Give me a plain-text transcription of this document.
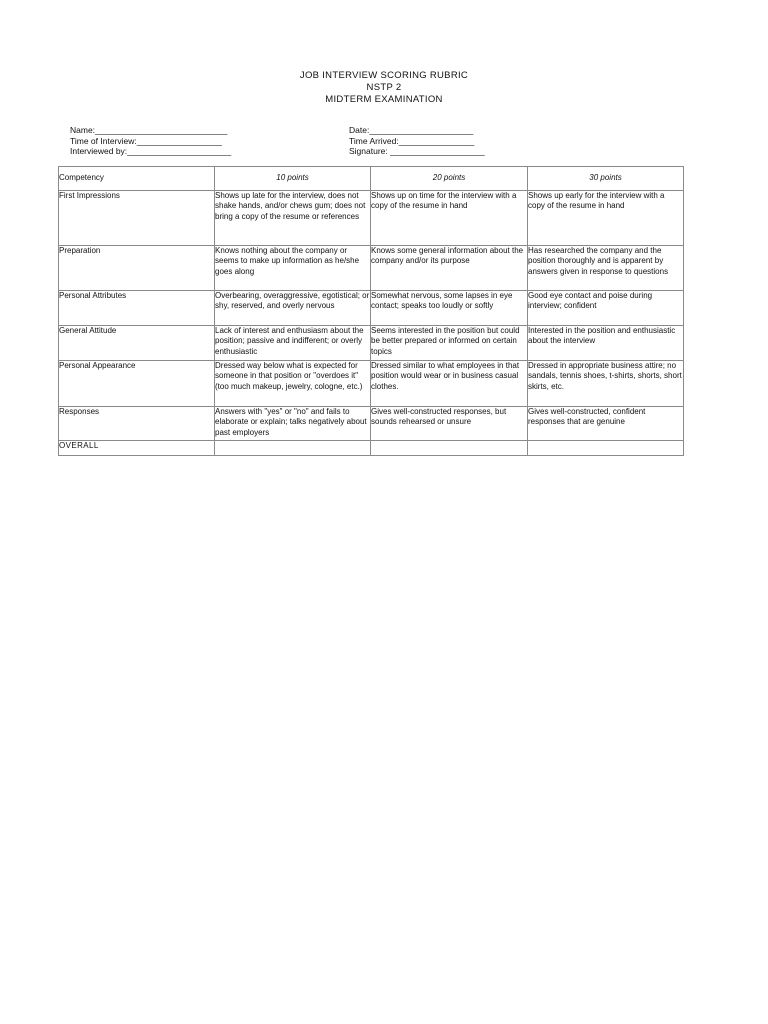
JOB INTERVIEW SCORING RUBRIC
NSTP 2
MIDTERM EXAMINATION
Name:____________________________
Time of Interview:__________________
Interviewed by:______________________
Date:______________________
Time Arrived:________________
Signature: ____________________
Competency	10 points	20 points	30 points
First Impressions	Shows up late for the interview, does not shake hands, and/or chews gum; does not bring a copy of the resume or references	Shows up on time for the interview with a copy of the resume in hand	Shows up early for the interview with a copy of the resume in hand
Preparation	Knows nothing about the company or seems to make up information as he/she goes along	Knows some general information about the company and/or its purpose	Has researched the company and the position thoroughly and is apparent by answers given in response to questions
Personal Attributes	Overbearing, overaggressive, egotistical; or shy, reserved, and overly nervous	Somewhat nervous, some lapses in eye contact; speaks too loudly or softly	Good eye contact and poise during interview; confident
General Attitude	Lack of interest and enthusiasm about the position; passive and indifferent; or overly enthusiastic	Seems interested in the position but could be better prepared or informed on certain topics	Interested in the position and enthusiastic about the interview
Personal Appearance	Dressed way below what is expected for someone in that position or "overdoes it" (too much makeup, jewelry, cologne, etc.)	Dressed similar to what employees in that position would wear or in business casual clothes.	Dressed in appropriate business attire; no sandals, tennis shoes, t-shirts, shorts, short skirts, etc.
Responses	Answers with "yes" or "no" and fails to elaborate or explain; talks negatively about past employers	Gives well-constructed responses, but sounds rehearsed or unsure	Gives well-constructed, confident responses that are genuine
OVERALL			
